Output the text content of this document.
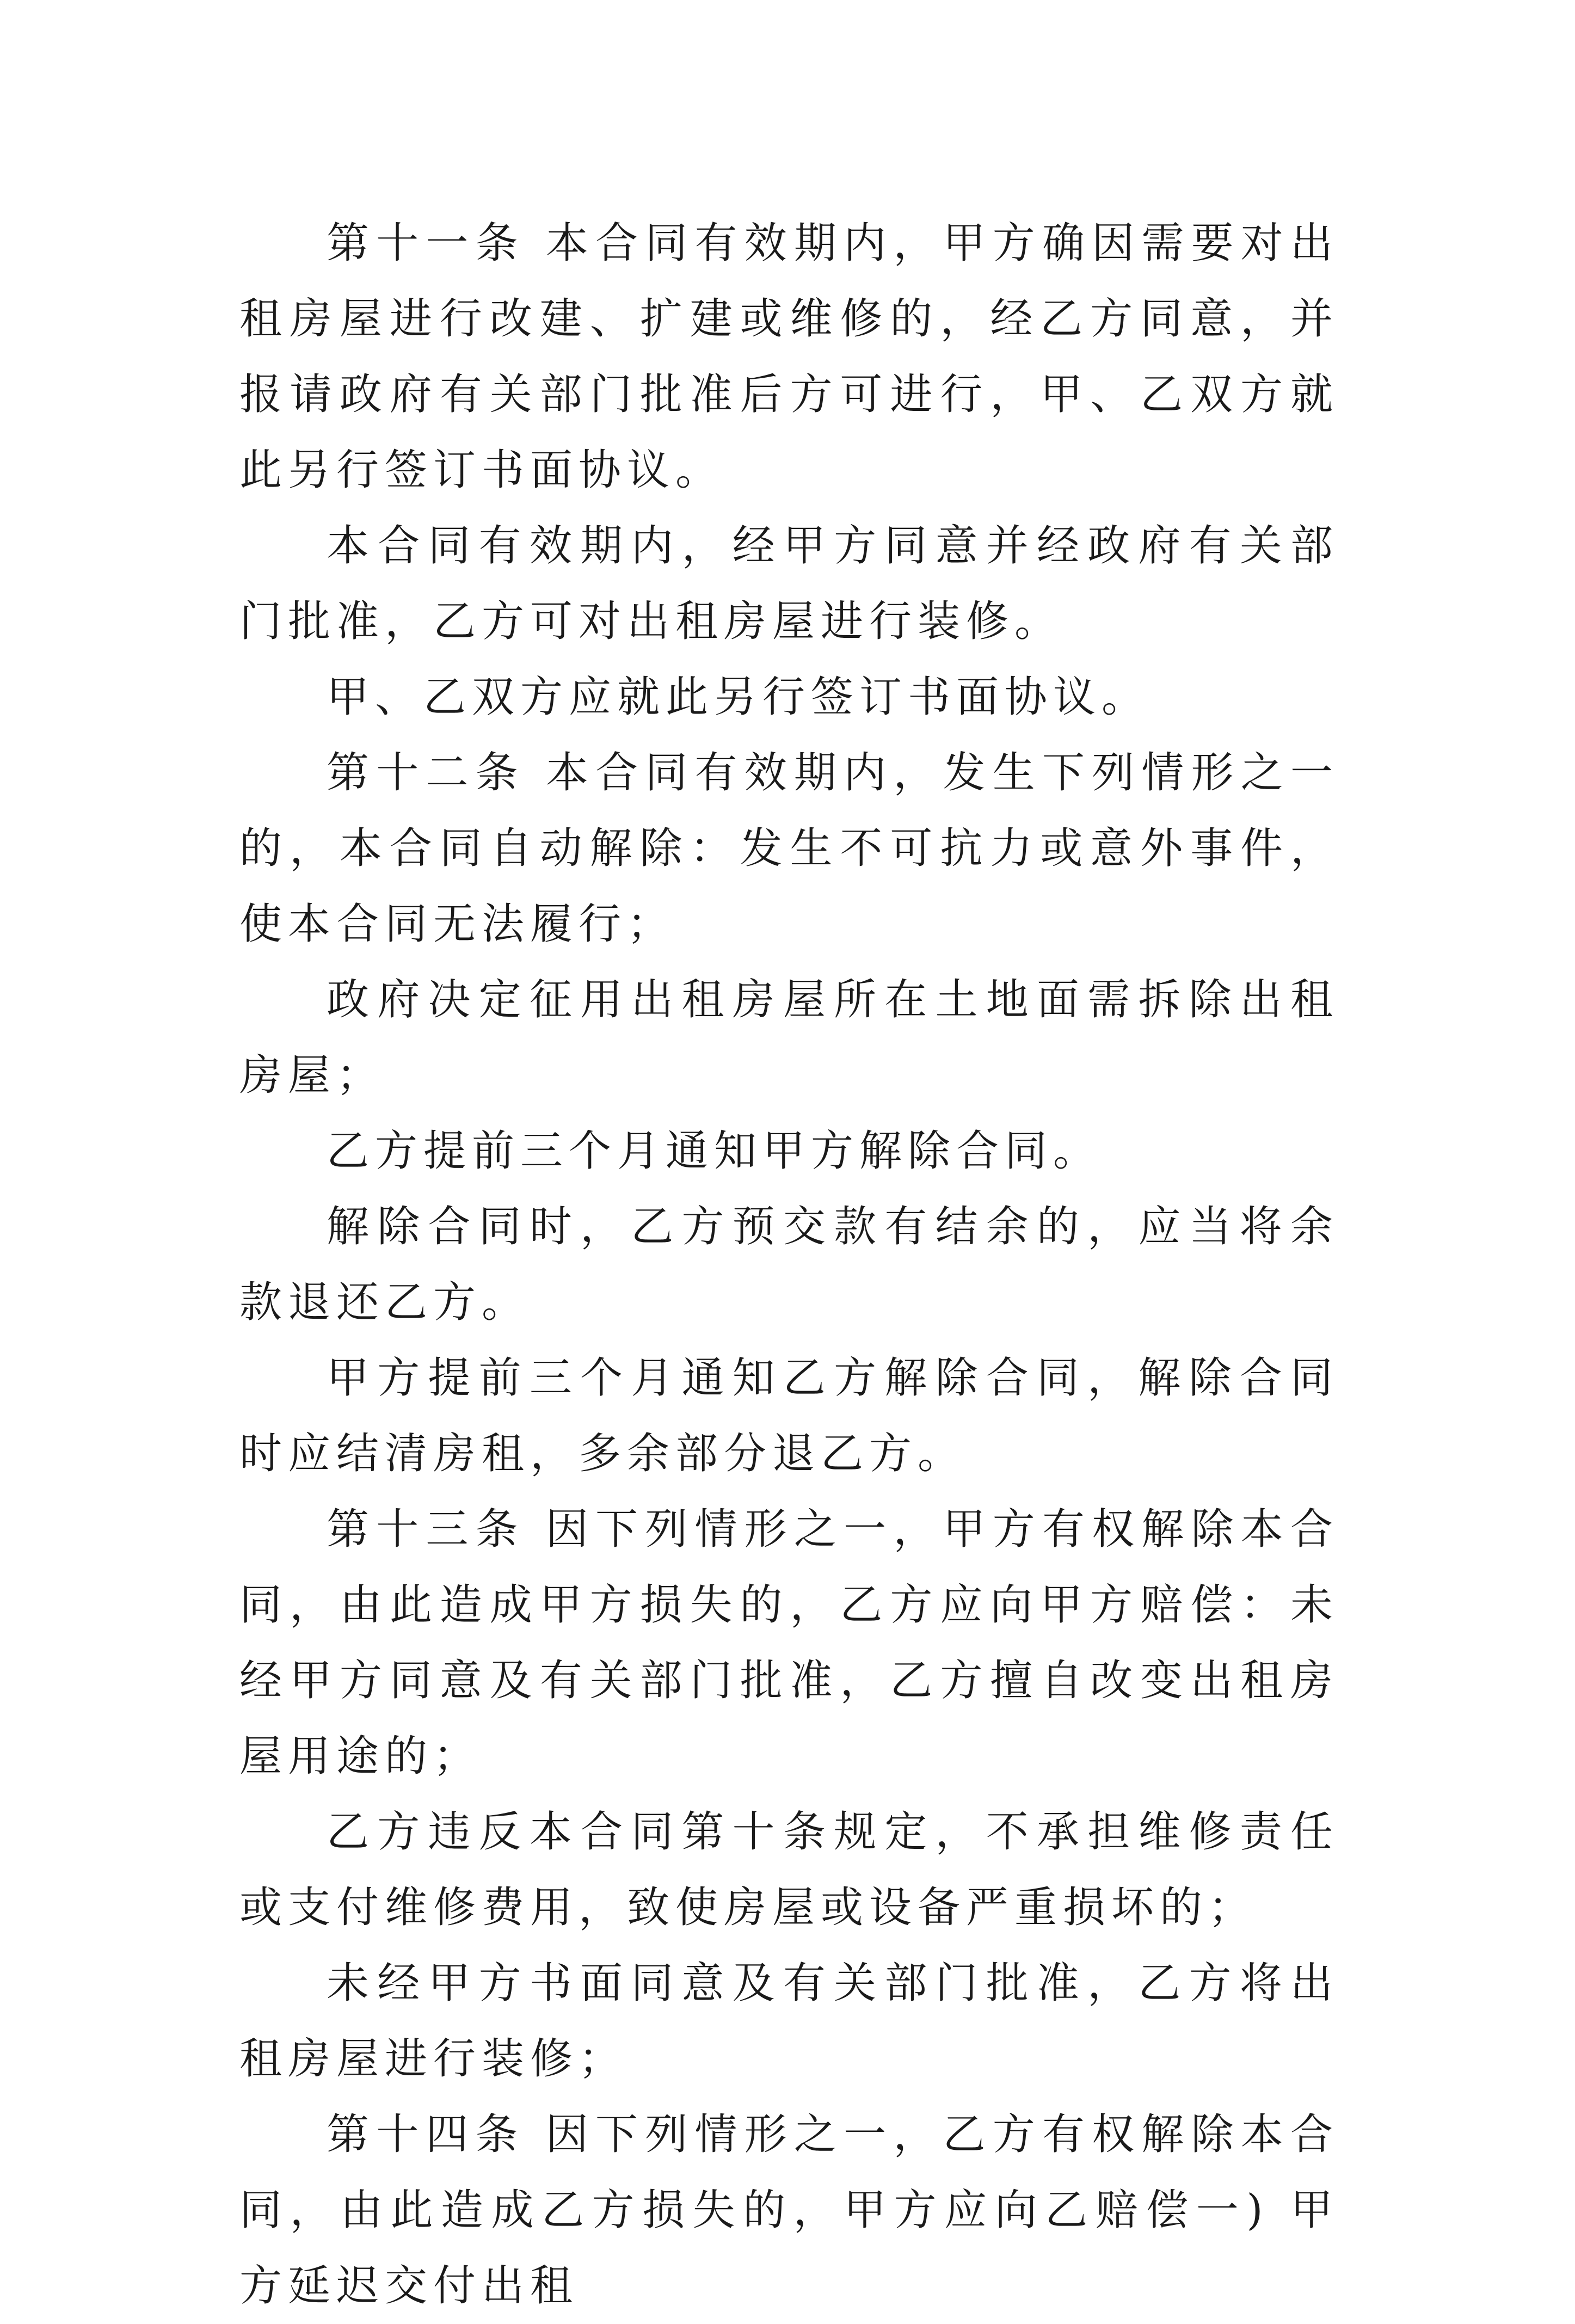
第十一条 本合同有效期内，甲方确因需要对出租房屋进行改建、扩建或维修的，经乙方同意，并报请政府有关部门批准后方可进行，甲、乙双方就此另行签订书面协议。

本合同有效期内，经甲方同意并经政府有关部门批准，乙方可对出租房屋进行装修。

甲、乙双方应就此另行签订书面协议。

第十二条 本合同有效期内，发生下列情形之一的，本合同自动解除：发生不可抗力或意外事件，使本合同无法履行；

政府决定征用出租房屋所在土地面需拆除出租房屋；

乙方提前三个月通知甲方解除合同。

解除合同时，乙方预交款有结余的，应当将余款退还乙方。

甲方提前三个月通知乙方解除合同，解除合同时应结清房租，多余部分退乙方。

第十三条 因下列情形之一，甲方有权解除本合同，由此造成甲方损失的，乙方应向甲方赔偿：未经甲方同意及有关部门批准，乙方擅自改变出租房屋用途的；

乙方违反本合同第十条规定，不承担维修责任或支付维修费用，致使房屋或设备严重损坏的；

未经甲方书面同意及有关部门批准，乙方将出租房屋进行装修；

第十四条 因下列情形之一，乙方有权解除本合同，由此造成乙方损失的，甲方应向乙赔偿一) 甲方延迟交付出租
